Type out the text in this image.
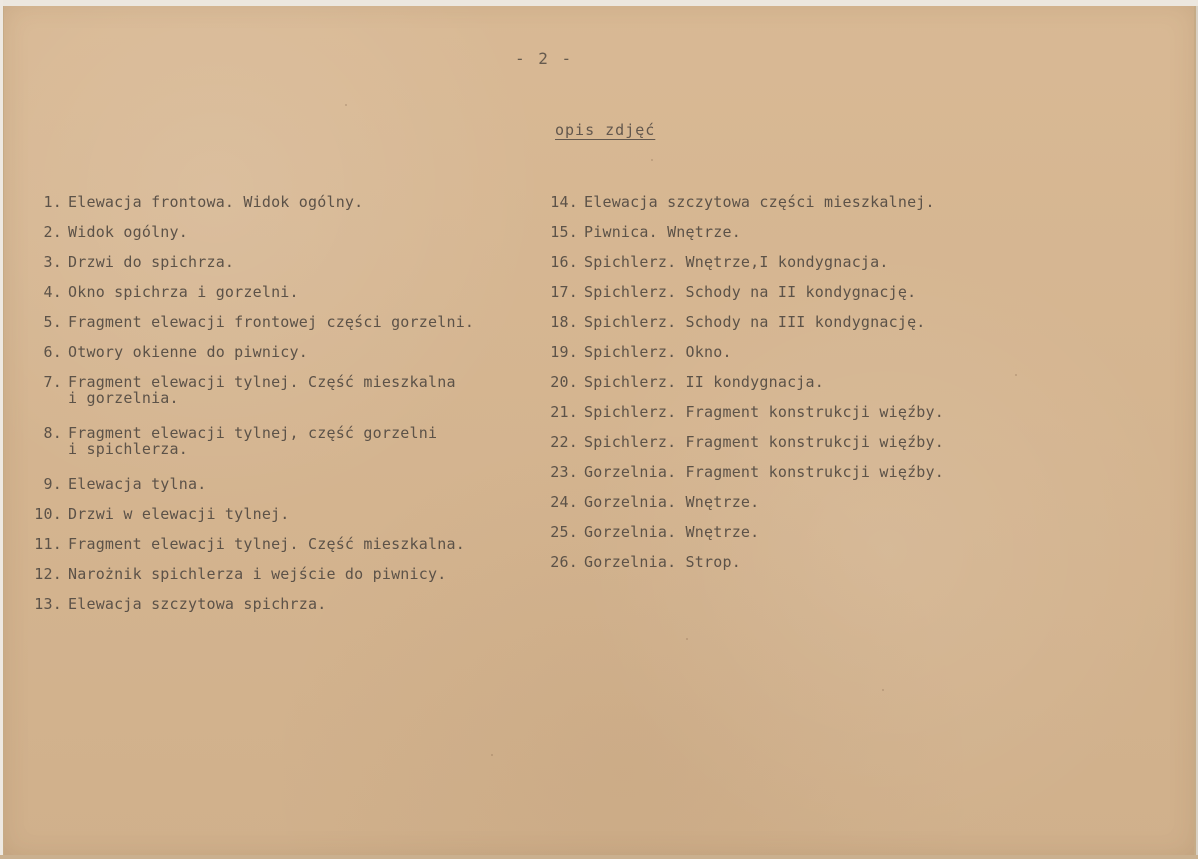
- 2 -
opis zdjęć
1. Elewacja frontowa. Widok ogólny.
2. Widok ogólny.
3. Drzwi do spichrza.
4. Okno spichrza i gorzelni.
5. Fragment elewacji frontowej części gorzelni.
6. Otwory okienne do piwnicy.
7. Fragment elewacji tylnej. Część mieszkalna
i gorzelnia.
8. Fragment elewacji tylnej, część gorzelni
i spichlerza.
9. Elewacja tylna.
10. Drzwi w elewacji tylnej.
11. Fragment elewacji tylnej. Część mieszkalna.
12. Narożnik spichlerza i wejście do piwnicy.
13. Elewacja szczytowa spichrza.
14. Elewacja szczytowa części mieszkalnej.
15. Piwnica. Wnętrze.
16. Spichlerz. Wnętrze,I kondygnacja.
17. Spichlerz. Schody na II kondygnację.
18. Spichlerz. Schody na III kondygnację.
19. Spichlerz. Okno.
20. Spichlerz. II kondygnacja.
21. Spichlerz. Fragment konstrukcji więźby.
22. Spichlerz. Fragment konstrukcji więźby.
23. Gorzelnia. Fragment konstrukcji więźby.
24. Gorzelnia. Wnętrze.
25. Gorzelnia. Wnętrze.
26. Gorzelnia. Strop.
